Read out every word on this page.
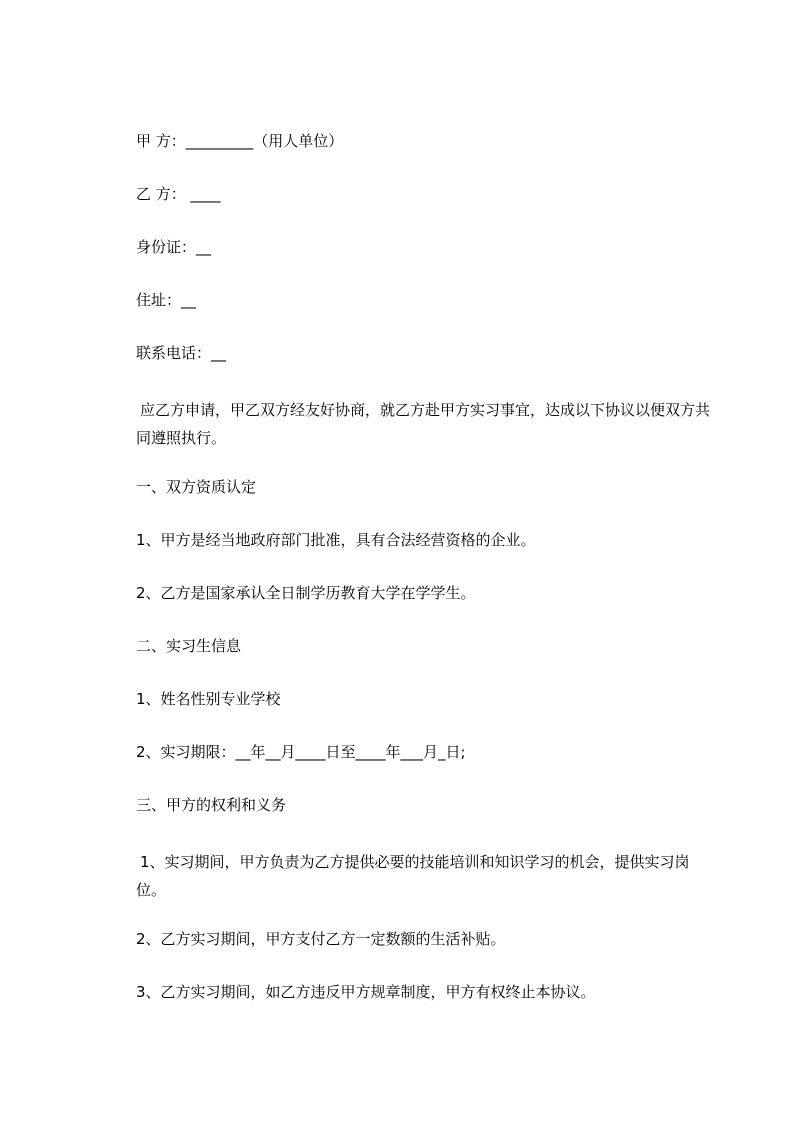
甲 方：_________（用人单位）
乙 方： ____
身份证：__
住址：__
联系电话：__
应乙方申请，甲乙双方经友好协商，就乙方赴甲方实习事宜，达成以下协议以便双方共同遵照执行。
一、双方资质认定
1、甲方是经当地政府部门批准，具有合法经营资格的企业。
2、乙方是国家承认全日制学历教育大学在学学生。
二、实习生信息
1、姓名性别专业学校
2、实习期限：__年__月____日至____年___月_日;
三、甲方的权利和义务
1、实习期间，甲方负责为乙方提供必要的技能培训和知识学习的机会，提供实习岗位。
2、乙方实习期间，甲方支付乙方一定数额的生活补贴。
3、乙方实习期间，如乙方违反甲方规章制度，甲方有权终止本协议。
